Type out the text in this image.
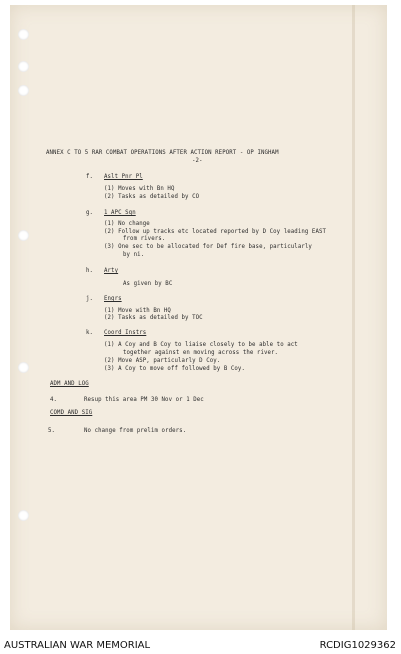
ANNEX C TO 5 RAR COMBAT OPERATIONS AFTER ACTION REPORT - OP INGHAM
-2-
f. Aslt Pnr Pl
(1) Moves with Bn HQ
(2) Tasks as detailed by CO
g. 1 APC Sqn
(1) No change
(2) Follow up tracks etc located reported by D Coy leading EAST
from rivers.
(3) One sec to be allocated for Def fire base, particularly
by ni.
h. Arty
As given by BC
j. Engrs
(1) Move with Bn HQ
(2) Tasks as detailed by TOC
k. Coord Instrs
(1) A Coy and B Coy to liaise closely to be able to act
together against en moving across the river.
(2) Move ASP, particularly D Coy.
(3) A Coy to move off followed by B Coy.
ADM AND LOG
4.	Resup this area PM 30 Nov or 1 Dec
COMD AND SIG
5.	No change from prelim orders.
AUSTRALIAN WAR MEMORIAL	RCDIG1029362
